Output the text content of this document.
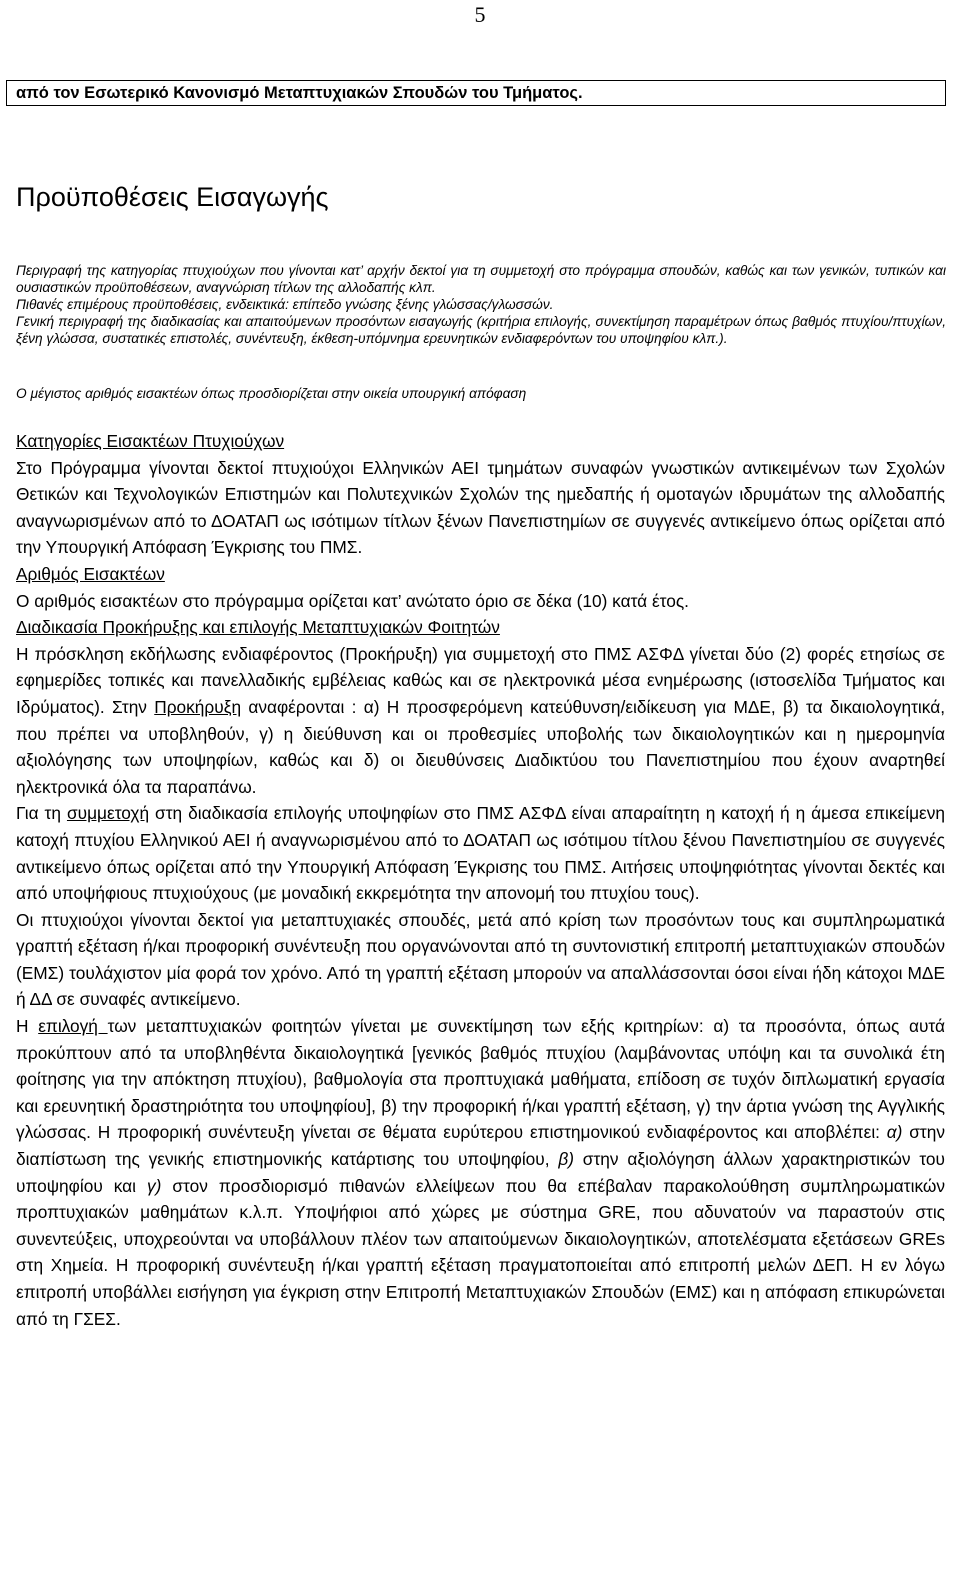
5
από τον Εσωτερικό Κανονισμό Μεταπτυχιακών Σπουδών του Τμήματος.
Προϋποθέσεις Εισαγωγής

Περιγραφή της κατηγορίας πτυχιούχων που γίνονται κατ’ αρχήν δεκτοί για τη συμμετοχή στο πρόγραμμα σπουδών, καθώς και των γενικών, τυπικών και ουσιαστικών προϋποθέσεων, αναγνώριση τίτλων της αλλοδαπής κλπ.

Πιθανές επιμέρους προϋποθέσεις, ενδεικτικά: επίπεδο γνώσης ξένης γλώσσας/γλωσσών.

Γενική περιγραφή της διαδικασίας και απαιτούμενων προσόντων εισαγωγής (κριτήρια επιλογής, συνεκτίμηση παραμέτρων όπως βαθμός πτυχίου/πτυχίων, ξένη γλώσσα, συστατικές επιστολές, συνέντευξη, έκθεση-υπόμνημα ερευνητικών ενδιαφερόντων του υποψηφίου κλπ.).

Ο μέγιστος αριθμός εισακτέων όπως προσδιορίζεται στην οικεία υπουργική απόφαση

Κατηγορίες Εισακτέων Πτυχιούχων

Στο Πρόγραμμα γίνονται δεκτοί πτυχιούχοι Ελληνικών ΑΕΙ τμημάτων συναφών γνωστικών αντικειμένων των Σχολών Θετικών και Τεχνολογικών Επιστημών και Πολυτεχνικών Σχολών της ημεδαπής ή ομοταγών ιδρυμάτων της αλλοδαπής αναγνωρισμένων από το ΔΟΑΤΑΠ ως ισότιμων τίτλων ξένων Πανεπιστημίων σε συγγενές αντικείμενο όπως ορίζεται από την Υπουργική Απόφαση Έγκρισης του ΠΜΣ.

Αριθμός Εισακτέων

Ο αριθμός εισακτέων στο πρόγραμμα ορίζεται κατ’ ανώτατο όριο σε δέκα (10) κατά έτος.

Διαδικασία Προκήρυξης και επιλογής Μεταπτυχιακών Φοιτητών

Η πρόσκληση εκδήλωσης ενδιαφέροντος (Προκήρυξη) για συμμετοχή στο ΠΜΣ ΑΣΦΔ γίνεται δύο (2) φορές ετησίως σε εφημερίδες τοπικές και πανελλαδικής εμβέλειας καθώς και σε ηλεκτρονικά μέσα ενημέρωσης (ιστοσελίδα Τμήματος και Ιδρύματος). Στην Προκήρυξη αναφέρονται : α) Η προσφερόμενη κατεύθυνση/ειδίκευση για ΜΔΕ, β) τα δικαιολογητικά, που πρέπει να υποβληθούν, γ) η διεύθυνση και οι προθεσμίες υποβολής των δικαιολογητικών και η ημερομηνία αξιολόγησης των υποψηφίων, καθώς και δ) οι διευθύνσεις Διαδικτύου του Πανεπιστημίου που έχουν αναρτηθεί ηλεκτρονικά όλα τα παραπάνω.

Για τη συμμετοχή στη διαδικασία επιλογής υποψηφίων στο ΠΜΣ ΑΣΦΔ είναι απαραίτητη η κατοχή ή η άμεσα επικείμενη κατοχή πτυχίου Ελληνικού ΑΕΙ ή αναγνωρισμένου από το ΔΟΑΤΑΠ ως ισότιμου τίτλου ξένου Πανεπιστημίου σε συγγενές αντικείμενο όπως ορίζεται από την Υπουργική Απόφαση Έγκρισης του ΠΜΣ. Αιτήσεις υποψηφιότητας γίνονται δεκτές και από υποψήφιους πτυχιούχους (με μοναδική εκκρεμότητα την απονομή του πτυχίου τους).

Οι πτυχιούχοι γίνονται δεκτοί για μεταπτυχιακές σπουδές, μετά από κρίση των προσόντων τους και συμπληρωματικά γραπτή εξέταση ή/και προφορική συνέντευξη που οργανώνονται από τη συντονιστική επιτροπή μεταπτυχιακών σπουδών (ΕΜΣ) τουλάχιστον μία φορά τον χρόνο. Από τη γραπτή εξέταση μπορούν να απαλλάσσονται όσοι είναι ήδη κάτοχοι ΜΔΕ ή ΔΔ σε συναφές αντικείμενο.

Η επιλογή των μεταπτυχιακών φοιτητών γίνεται με συνεκτίμηση των εξής κριτηρίων: α) τα προσόντα, όπως αυτά προκύπτουν από τα υποβληθέντα δικαιολογητικά [γενικός βαθμός πτυχίου (λαμβάνοντας υπόψη και τα συνολικά έτη φοίτησης για την απόκτηση πτυχίου), βαθμολογία στα προπτυχιακά μαθήματα, επίδοση σε τυχόν διπλωματική εργασία και ερευνητική δραστηριότητα του υποψηφίου], β) την προφορική ή/και γραπτή εξέταση, γ) την άρτια γνώση της Αγγλικής γλώσσας. Η προφορική συνέντευξη γίνεται σε θέματα ευρύτερου επιστημονικού ενδιαφέροντος και αποβλέπει: α) στην διαπίστωση της γενικής επιστημονικής κατάρτισης του υποψηφίου, β) στην αξιολόγηση άλλων χαρακτηριστικών του υποψηφίου και γ) στον προσδιορισμό πιθανών ελλείψεων που θα επέβαλαν παρακολούθηση συμπληρωματικών προπτυχιακών μαθημάτων κ.λ.π. Υποψήφιοι από χώρες με σύστημα GRE, που αδυνατούν να παραστούν στις συνεντεύξεις, υποχρεούνται να υποβάλλουν πλέον των απαιτούμενων δικαιολογητικών, αποτελέσματα εξετάσεων GREs στη Χημεία. Η προφορική συνέντευξη ή/και γραπτή εξέταση πραγματοποιείται από επιτροπή μελών ΔΕΠ. Η εν λόγω επιτροπή υποβάλλει εισήγηση για έγκριση στην Επιτροπή Μεταπτυχιακών Σπουδών (ΕΜΣ) και η απόφαση επικυρώνεται από τη ΓΣΕΣ.
